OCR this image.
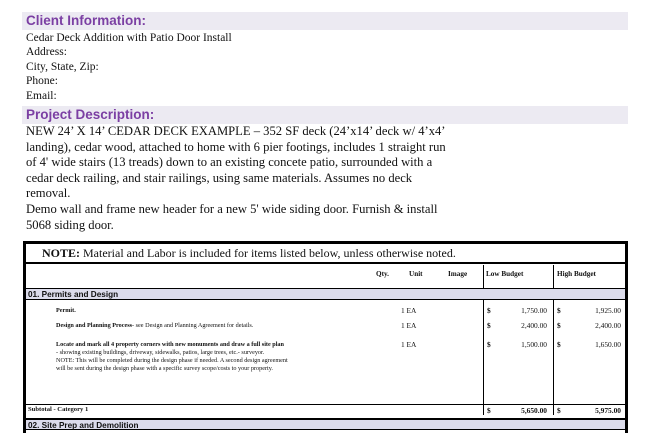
Client Information:
Cedar Deck Addition with Patio Door Install
Address:
City, State, Zip:
Phone:
Email:
Project Description:

NEW 24’ X 14’ CEDAR DECK EXAMPLE – 352 SF deck (24’x14’ deck w/ 4’x4’ landing), cedar wood, attached to home with 6 pier footings, includes 1 straight run of 4' wide stairs (13 treads) down to an existing concete patio, surrounded with a cedar deck railing, and stair railings, using same materials. Assumes no deck removal.

Demo wall and frame new header for a new 5' wide siding door. Furnish & install 5068 siding door.

NOTE: Material and Labor is included for items listed below, unless otherwise noted.
Qty.	Unit	Image	Low Budget	High Budget
01. Permits and Design
Permit.	1 EA	$	1,750.00 $	1,925.00
Design and Planning Process- see Design and Planning Agreement for details.	1 EA	$	2,400.00 $	2,400.00
Locate and mark all 4 property corners with new monuments and draw a full site plan
- showing existing buildings, driveway, sidewalks, patios, large trees, etc.- surveyor.
NOTE: This will be completed during the design phase if needed. A second design agreement
will be sent during the design phase with a specific survey scope/costs to your property.
1 EA	$	1,500.00 $	1,650.00
Subtotal - Category 1	$	5,650.00 $	5,975.00
02. Site Prep and Demolition
